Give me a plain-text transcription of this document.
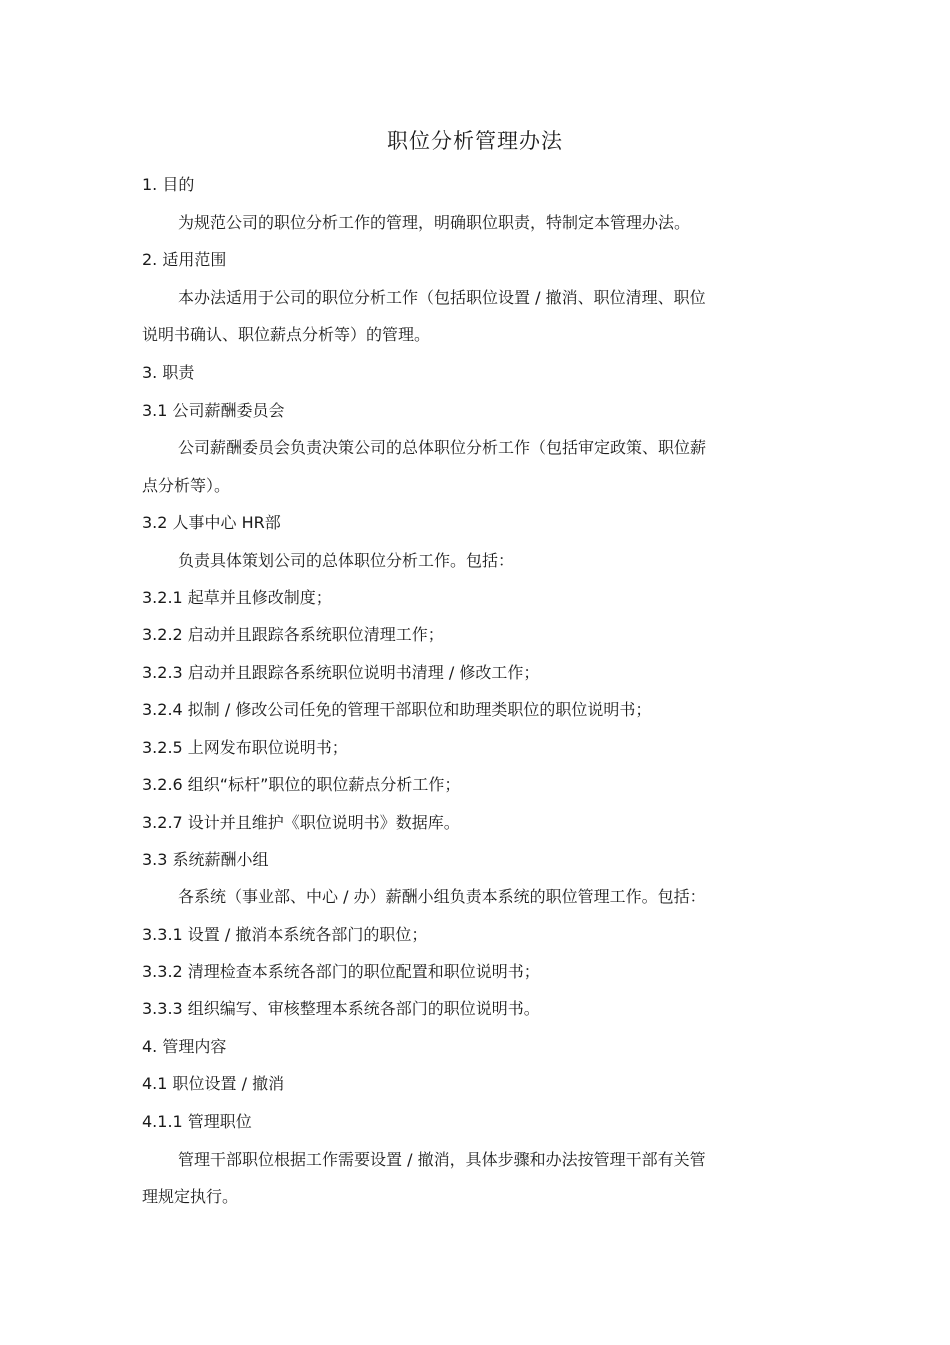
职位分析管理办法
1. 目的
为规范公司的职位分析工作的管理，明确职位职责，特制定本管理办法。
2. 适用范围
本办法适用于公司的职位分析工作（包括职位设置 / 撤消、职位清理、职位
说明书确认、职位薪点分析等）的管理。
3. 职责
3.1 公司薪酬委员会
公司薪酬委员会负责决策公司的总体职位分析工作（包括审定政策、职位薪
点分析等）。
3.2 人事中心 HR部
负责具体策划公司的总体职位分析工作。包括：
3.2.1 起草并且修改制度；
3.2.2 启动并且跟踪各系统职位清理工作；
3.2.3 启动并且跟踪各系统职位说明书清理 / 修改工作；
3.2.4 拟制 / 修改公司任免的管理干部职位和助理类职位的职位说明书；
3.2.5 上网发布职位说明书；
3.2.6 组织“标杆”职位的职位薪点分析工作；
3.2.7 设计并且维护《职位说明书》数据库。
3.3 系统薪酬小组
各系统（事业部、中心 / 办）薪酬小组负责本系统的职位管理工作。包括：
3.3.1 设置 / 撤消本系统各部门的职位；
3.3.2 清理检查本系统各部门的职位配置和职位说明书；
3.3.3 组织编写、审核整理本系统各部门的职位说明书。
4. 管理内容
4.1 职位设置 / 撤消
4.1.1 管理职位
管理干部职位根据工作需要设置 / 撤消，具体步骤和办法按管理干部有关管
理规定执行。
